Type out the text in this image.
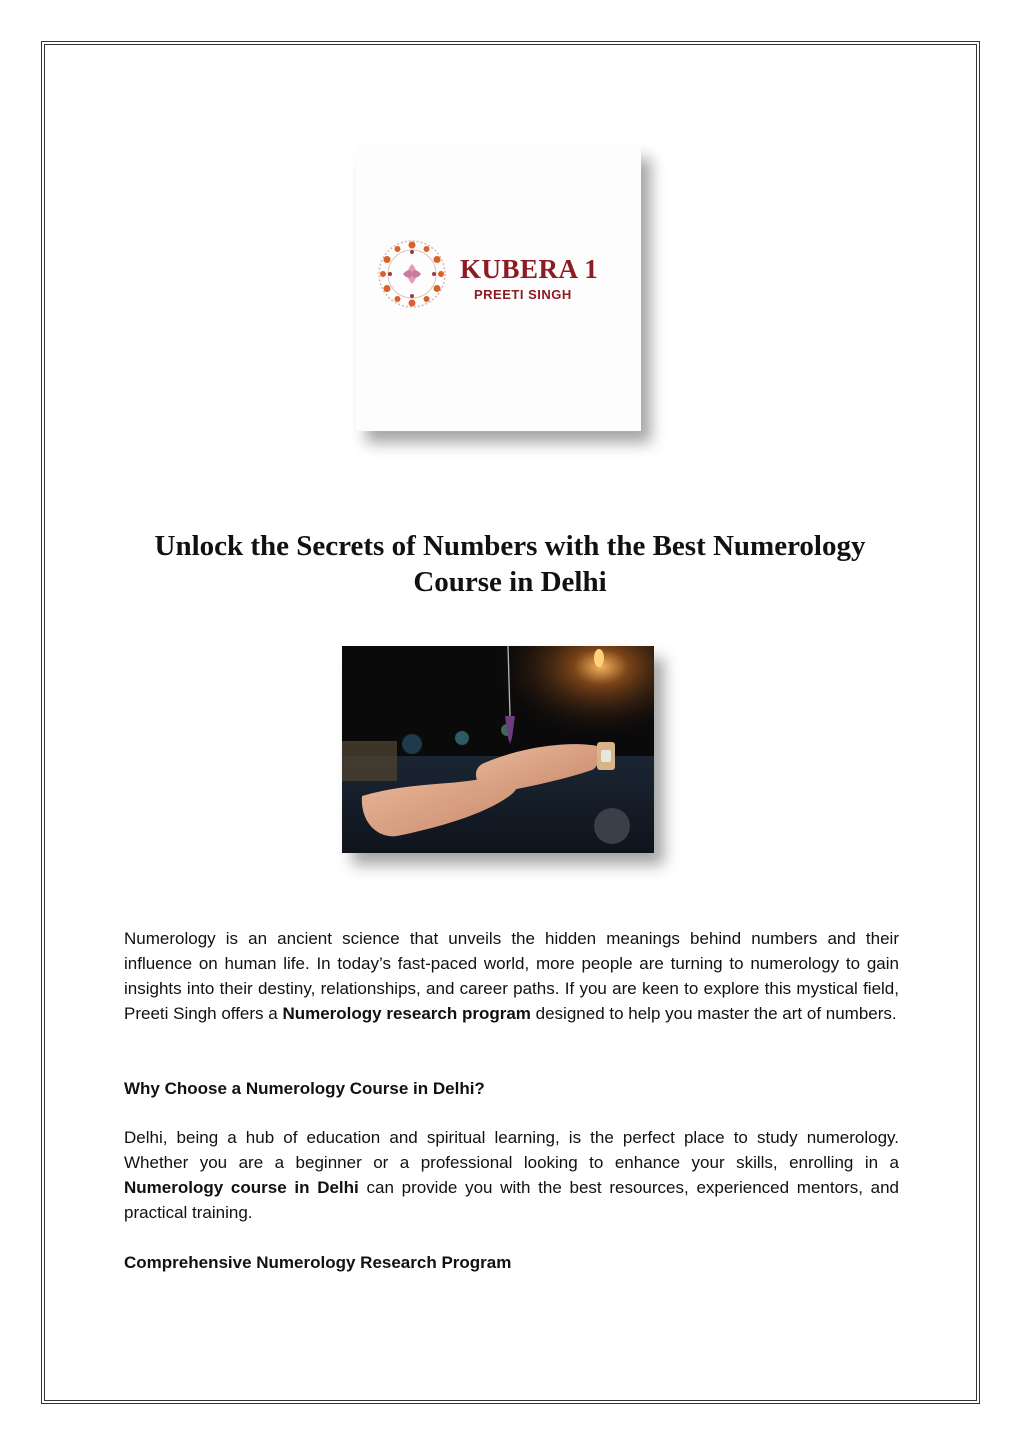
KUBERA 1
PREETI SINGH
Unlock the Secrets of Numbers with the Best Numerology Course in Delhi

Numerology is an ancient science that unveils the hidden meanings behind numbers and their influence on human life. In today’s fast-paced world, more people are turning to numerology to gain insights into their destiny, relationships, and career paths. If you are keen to explore this mystical field, Preeti Singh offers a Numerology research program designed to help you master the art of numbers.

Why Choose a Numerology Course in Delhi?

Delhi, being a hub of education and spiritual learning, is the perfect place to study numerology. Whether you are a beginner or a professional looking to enhance your skills, enrolling in a Numerology course in Delhi can provide you with the best resources, experienced mentors, and practical training.

Comprehensive Numerology Research Program
